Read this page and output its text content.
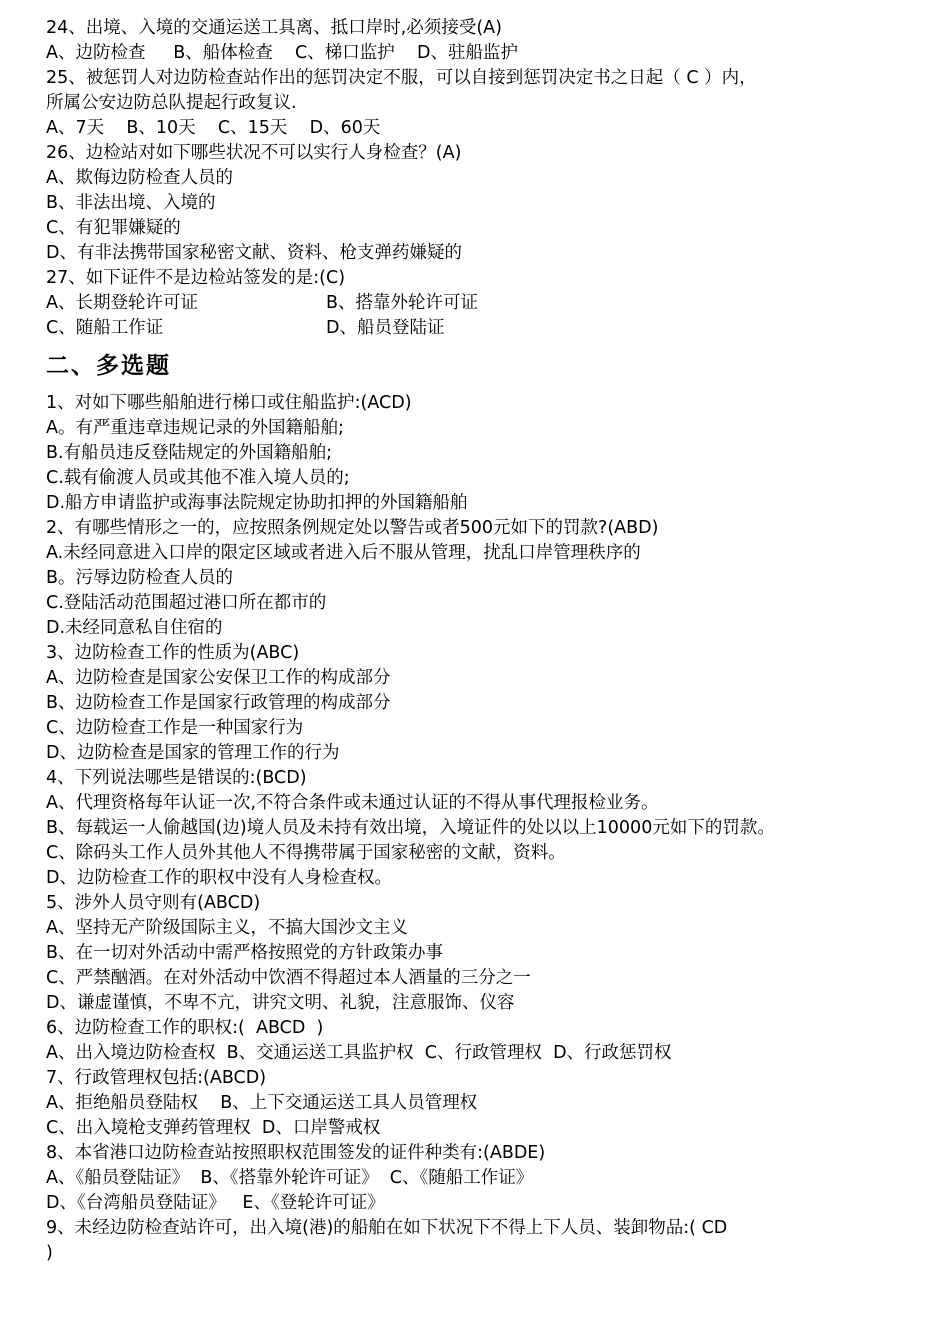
24、出境、入境的交通运送工具离、抵口岸时,必须接受(A)
A、边防检查     B、船体检查    C、梯口监护    D、驻船监护
25、被惩罚人对边防检查站作出的惩罚决定不服，可以自接到惩罚决定书之日起（ C ）内，
所属公安边防总队提起行政复议.
A、7天    B、10天    C、15天    D、60天
26、边检站对如下哪些状况不可以实行人身检查？(A)
A、欺侮边防检查人员的
B、非法出境、入境的
C、有犯罪嫌疑的
D、有非法携带国家秘密文献、资料、枪支弹药嫌疑的
27、如下证件不是边检站签发的是:(C)
A、长期登轮许可证	B、搭靠外轮许可证
C、随船工作证	D、船员登陆证
二、多选题
1、对如下哪些船舶进行梯口或住船监护:(ACD)
A。有严重违章违规记录的外国籍船舶;
B.有船员违反登陆规定的外国籍船舶;
C.载有偷渡人员或其他不准入境人员的;
D.船方申请监护或海事法院规定协助扣押的外国籍船舶
2、有哪些情形之一的，应按照条例规定处以警告或者500元如下的罚款?(ABD)
A.未经同意进入口岸的限定区域或者进入后不服从管理，扰乱口岸管理秩序的
B。污辱边防检查人员的
C.登陆活动范围超过港口所在都市的
D.未经同意私自住宿的
3、边防检查工作的性质为(ABC)
A、边防检查是国家公安保卫工作的构成部分
B、边防检查工作是国家行政管理的构成部分
C、边防检查工作是一种国家行为
D、边防检查是国家的管理工作的行为
4、下列说法哪些是错误的:(BCD)
A、代理资格每年认证一次,不符合条件或未通过认证的不得从事代理报检业务。
B、每载运一人偷越国(边)境人员及未持有效出境，入境证件的处以以上10000元如下的罚款。
C、除码头工作人员外其他人不得携带属于国家秘密的文献，资料。
D、边防检查工作的职权中没有人身检查权。
5、涉外人员守则有(ABCD)
A、坚持无产阶级国际主义，不搞大国沙文主义
B、在一切对外活动中需严格按照党的方针政策办事
C、严禁酗酒。在对外活动中饮酒不得超过本人酒量的三分之一
D、谦虚谨慎，不卑不亢，讲究文明、礼貌，注意服饰、仪容
6、边防检查工作的职权:(  ABCD  )
A、出入境边防检查权  B、交通运送工具监护权  C、行政管理权  D、行政惩罚权
7、行政管理权包括:(ABCD)
A、拒绝船员登陆权    B、上下交通运送工具人员管理权
C、出入境枪支弹药管理权  D、口岸警戒权
8、本省港口边防检查站按照职权范围签发的证件种类有:(ABDE)
A、《船员登陆证》  B、《搭靠外轮许可证》  C、《随船工作证》
D、《台湾船员登陆证》   E、《登轮许可证》
9、未经边防检查站许可，出入境(港)的船舶在如下状况下不得上下人员、装卸物品:( CD
)
